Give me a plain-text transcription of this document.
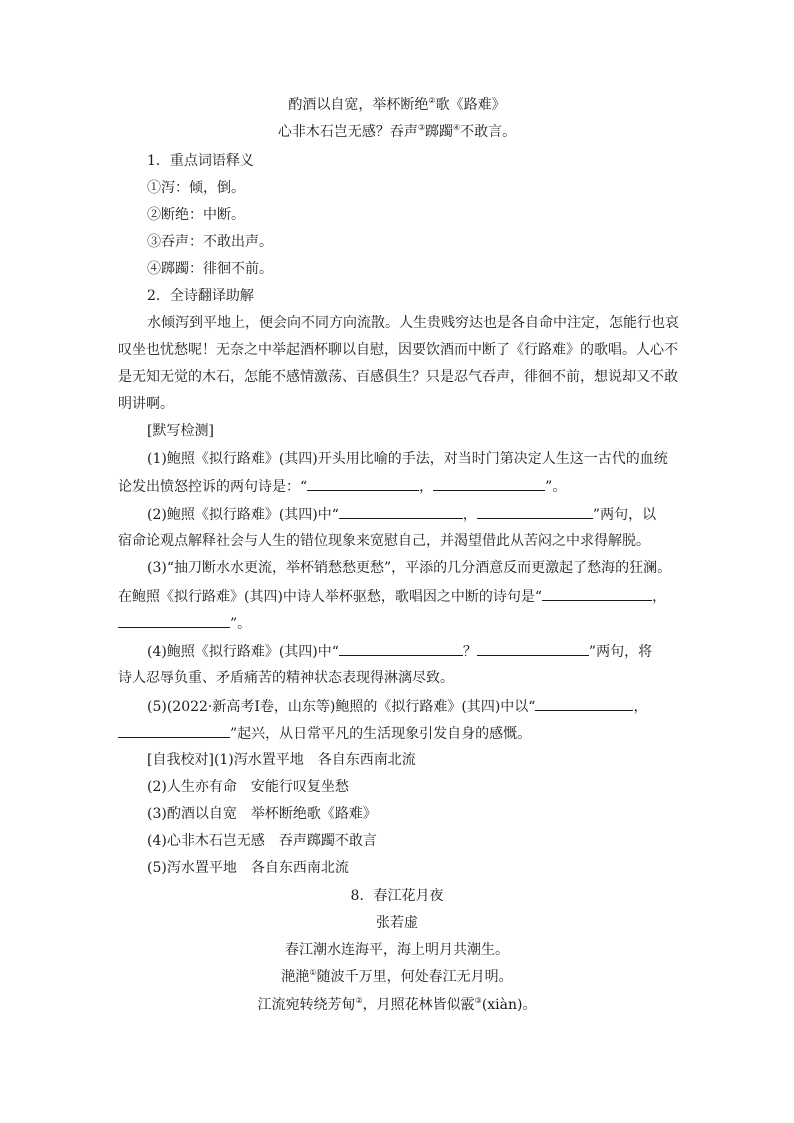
酌酒以自宽，举杯断绝②歌《路难》
心非木石岂无感？吞声③踯躅④不敢言。
1．重点词语释义
①泻：倾，倒。
②断绝：中断。
③吞声：不敢出声。
④踯躅：徘徊不前。
2．全诗翻译助解
水倾泻到平地上，便会向不同方向流散。人生贵贱穷达也是各自命中注定，怎能行也哀
叹坐也忧愁呢！无奈之中举起酒杯聊以自慰，因要饮酒而中断了《行路难》的歌唱。人心不
是无知无觉的木石，怎能不感情激荡、百感俱生？只是忍气吞声，徘徊不前，想说却又不敢
明讲啊。
[默写检测]
(1)鲍照《拟行路难》(其四)开头用比喻的手法，对当时门第决定人生这一古代的血统
论发出愤怒控诉的两句诗是：“	，	”。
(2)鲍照《拟行路难》(其四)中“	，	”两句，以
宿命论观点解释社会与人生的错位现象来宽慰自己，并渴望借此从苦闷之中求得解脱。
(3)“抽刀断水水更流，举杯销愁愁更愁”，平添的几分酒意反而更激起了愁海的狂澜。
在鲍照《拟行路难》(其四)中诗人举杯驱愁，歌唱因之中断的诗句是“	，
”。
(4)鲍照《拟行路难》(其四)中“	？	”两句，将
诗人忍辱负重、矛盾痛苦的精神状态表现得淋漓尽致。
(5)(2022·新高考Ⅰ卷，山东等)鲍照的《拟行路难》(其四)中以“	，
”起兴，从日常平凡的生活现象引发自身的感慨。
[自我校对](1)泻水置平地　各自东西南北流
(2)人生亦有命　安能行叹复坐愁
(3)酌酒以自宽　举杯断绝歌《路难》
(4)心非木石岂无感　吞声踯躅不敢言
(5)泻水置平地　各自东西南北流
8．春江花月夜
张若虚
春江潮水连海平，海上明月共潮生。
滟滟①随波千万里，何处春江无月明。
江流宛转绕芳甸②，月照花林皆似霰③(xiàn)。
